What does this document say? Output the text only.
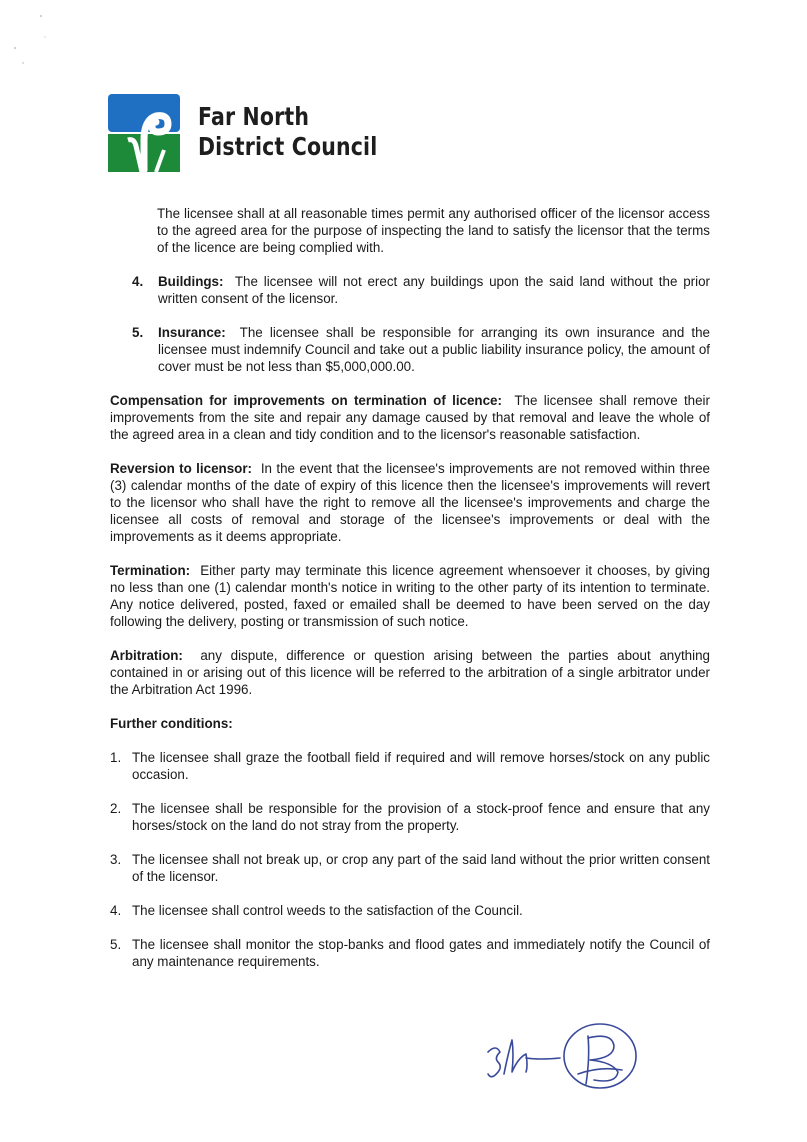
Far North
District Council

The licensee shall at all reasonable times permit any authorised officer of the licensor access to the agreed area for the purpose of inspecting the land to satisfy the licensor that the terms of the licence are being complied with.

4.	Buildings: The licensee will not erect any buildings upon the said land without the prior written consent of the licensor.

5.	Insurance: The licensee shall be responsible for arranging its own insurance and the licensee must indemnify Council and take out a public liability insurance policy, the amount of cover must be not less than $5,000,000.00.

Compensation for improvements on termination of licence: The licensee shall remove their improvements from the site and repair any damage caused by that removal and leave the whole of the agreed area in a clean and tidy condition and to the licensor's reasonable satisfaction.

Reversion to licensor: In the event that the licensee's improvements are not removed within three (3) calendar months of the date of expiry of this licence then the licensee's improvements will revert to the licensor who shall have the right to remove all the licensee's improvements and charge the licensee all costs of removal and storage of the licensee's improvements or deal with the improvements as it deems appropriate.

Termination: Either party may terminate this licence agreement whensoever it chooses, by giving no less than one (1) calendar month's notice in writing to the other party of its intention to terminate. Any notice delivered, posted, faxed or emailed shall be deemed to have been served on the day following the delivery, posting or transmission of such notice.

Arbitration: any dispute, difference or question arising between the parties about anything contained in or arising out of this licence will be referred to the arbitration of a single arbitrator under the Arbitration Act 1996.

Further conditions:

1. The licensee shall graze the football field if required and will remove horses/stock on any public occasion.

2. The licensee shall be responsible for the provision of a stock-proof fence and ensure that any horses/stock on the land do not stray from the property.

3. The licensee shall not break up, or crop any part of the said land without the prior written consent of the licensor.

4. The licensee shall control weeds to the satisfaction of the Council.

5. The licensee shall monitor the stop-banks and flood gates and immediately notify the Council of any maintenance requirements.
